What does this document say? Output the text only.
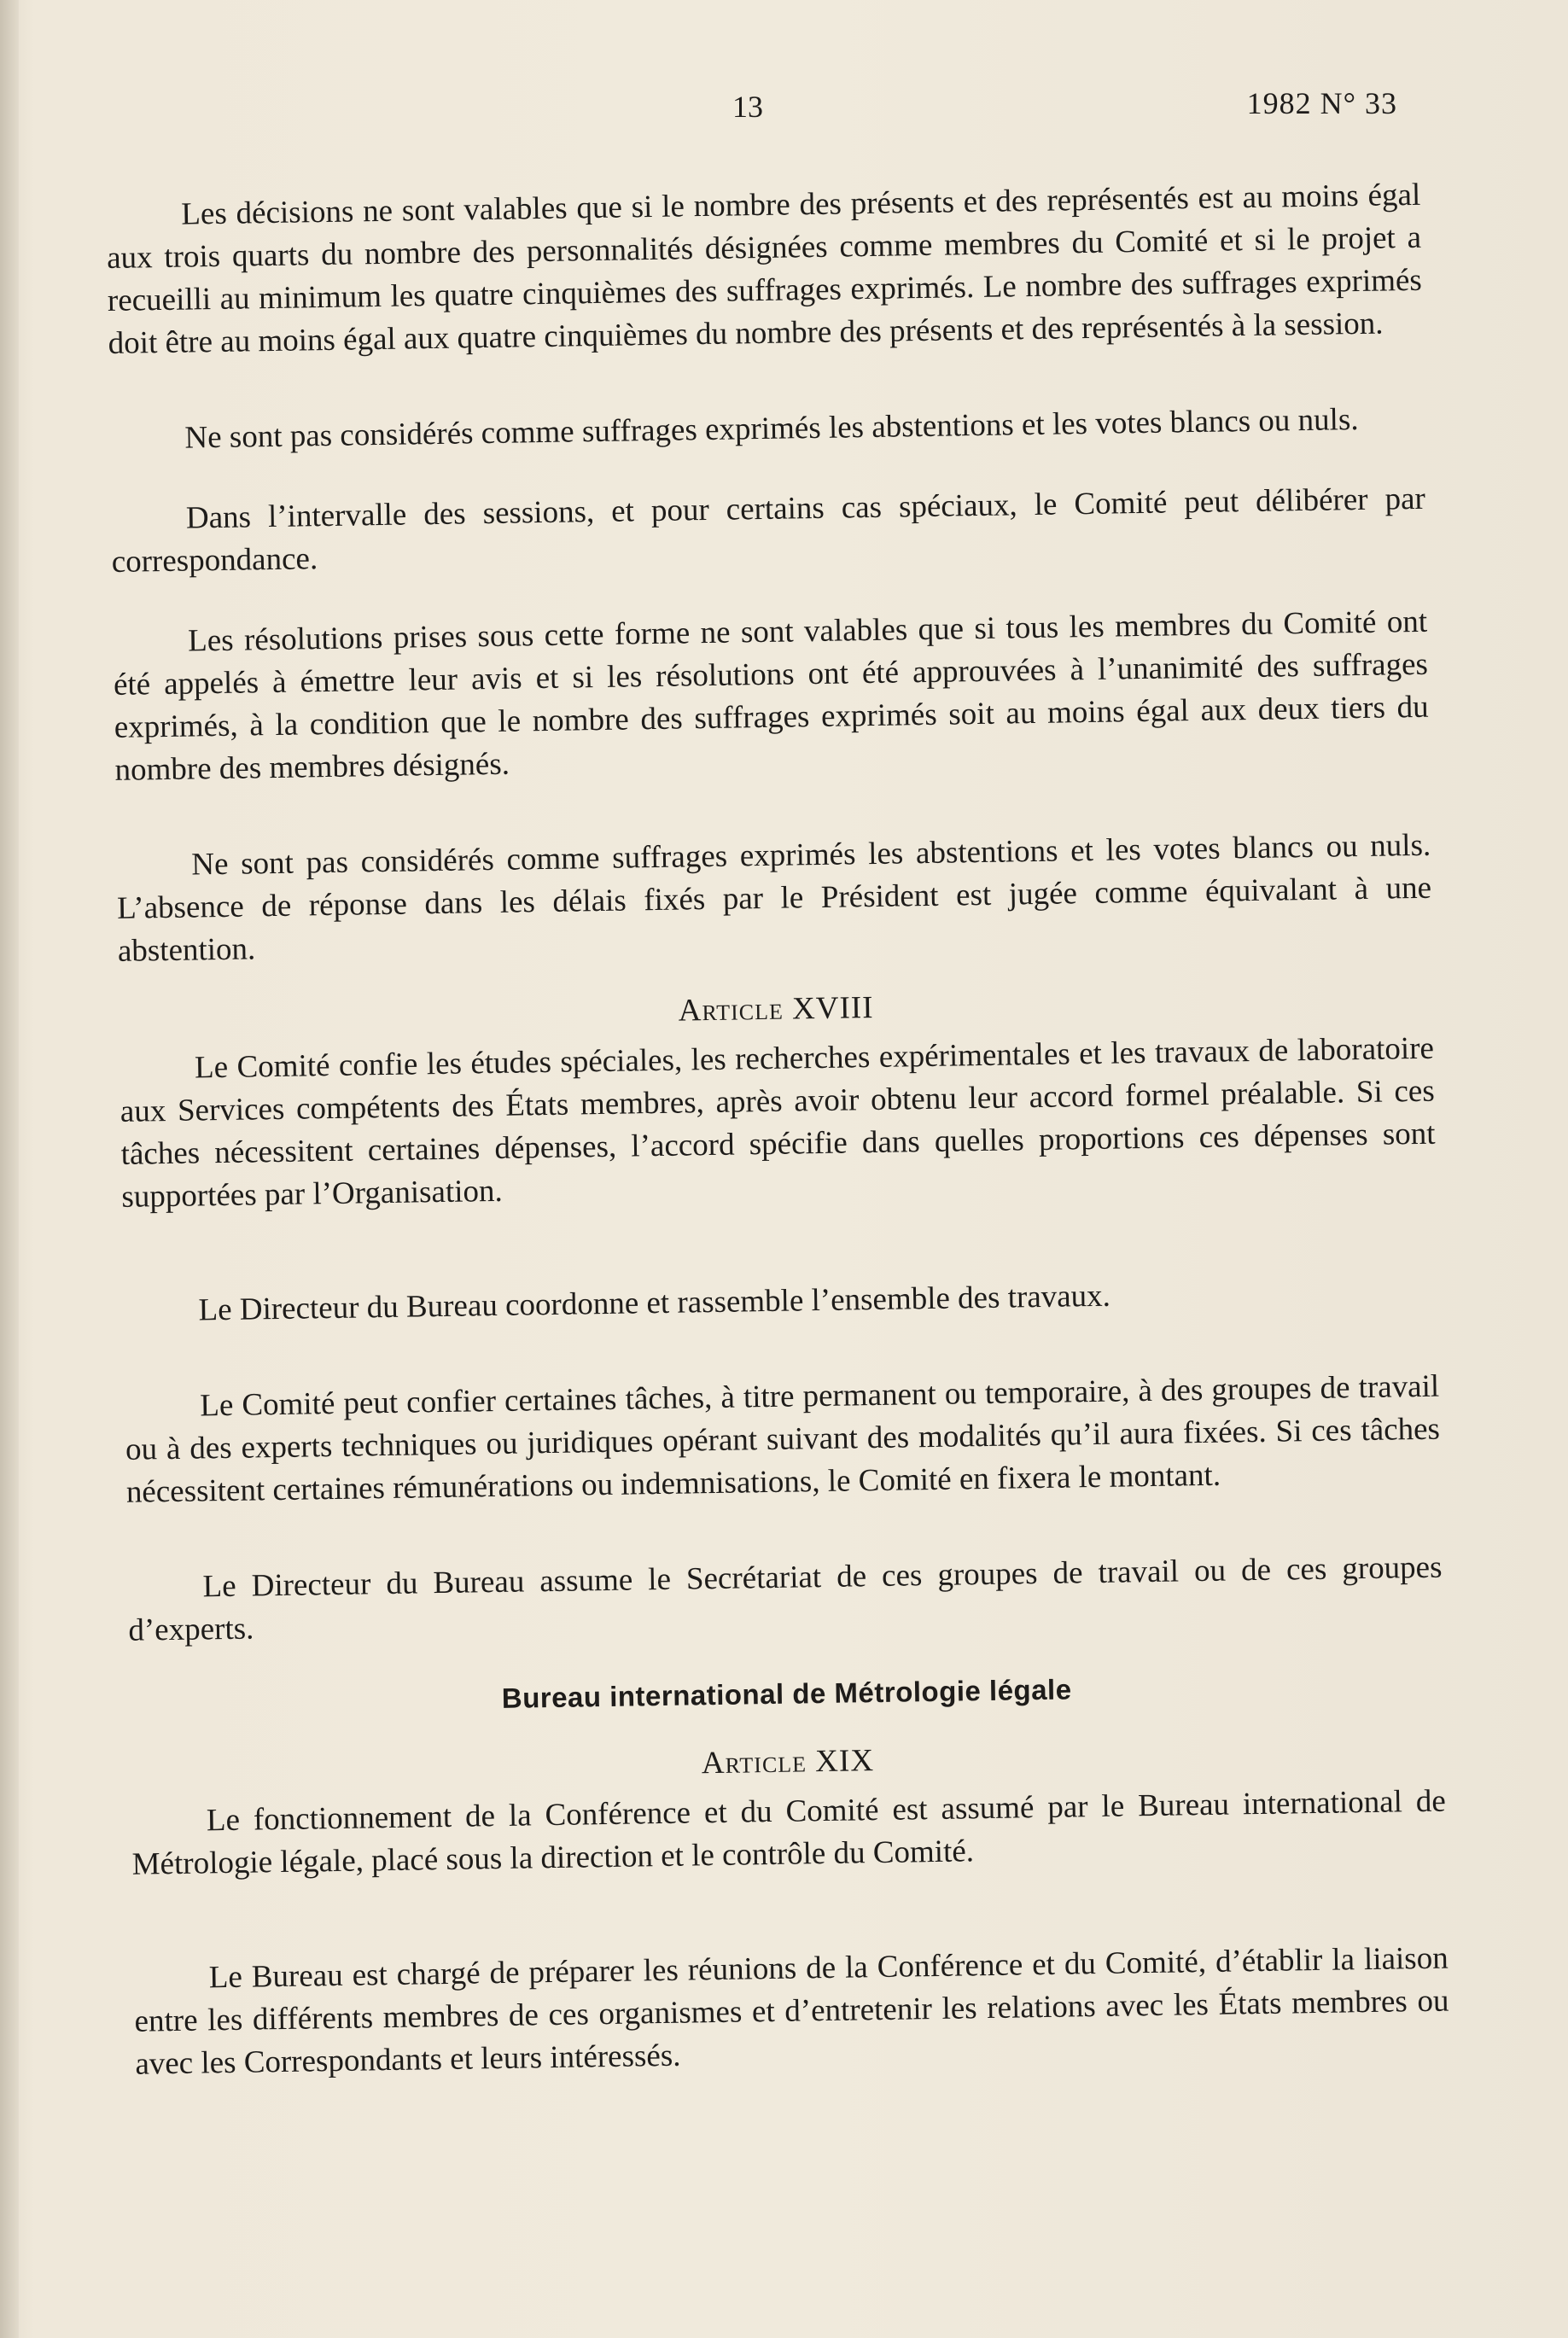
13	1982 N° 33

Les décisions ne sont valables que si le nombre des présents et des représentés est au moins égal aux trois quarts du nombre des personnalités désignées comme membres du Comité et si le projet a recueilli au minimum les quatre cinquièmes des suffrages exprimés. Le nombre des suffrages exprimés doit être au moins égal aux quatre cinquièmes du nombre des présents et des représentés à la session.

Ne sont pas considérés comme suffrages exprimés les abstentions et les votes blancs ou nuls.

Dans l’intervalle des sessions, et pour certains cas spéciaux, le Comité peut délibérer par correspondance.

Les résolutions prises sous cette forme ne sont valables que si tous les membres du Comité ont été appelés à émettre leur avis et si les résolutions ont été approuvées à l’unanimité des suffrages exprimés, à la condition que le nombre des suffrages exprimés soit au moins égal aux deux tiers du nombre des membres désignés.

Ne sont pas considérés comme suffrages exprimés les abstentions et les votes blancs ou nuls. L’absence de réponse dans les délais fixés par le Président est jugée comme équivalant à une abstention.

Article XVIII

Le Comité confie les études spéciales, les recherches expérimentales et les travaux de laboratoire aux Services compétents des États membres, après avoir obtenu leur accord formel préalable. Si ces tâches nécessitent certaines dépenses, l’accord spécifie dans quelles proportions ces dépenses sont supportées par l’Organisation.

Le Directeur du Bureau coordonne et rassemble l’ensemble des travaux.

Le Comité peut confier certaines tâches, à titre permanent ou temporaire, à des groupes de travail ou à des experts techniques ou juridiques opérant suivant des modalités qu’il aura fixées. Si ces tâches nécessitent certaines rémunérations ou indemnisations, le Comité en fixera le montant.

Le Directeur du Bureau assume le Secrétariat de ces groupes de travail ou de ces groupes d’experts.

Bureau international de Métrologie légale
Article XIX

Le fonctionnement de la Conférence et du Comité est assumé par le Bureau international de Métrologie légale, placé sous la direction et le contrôle du Comité.

Le Bureau est chargé de préparer les réunions de la Conférence et du Comité, d’établir la liaison entre les différents membres de ces organismes et d’entretenir les relations avec les États membres ou avec les Correspondants et leurs intéressés.
